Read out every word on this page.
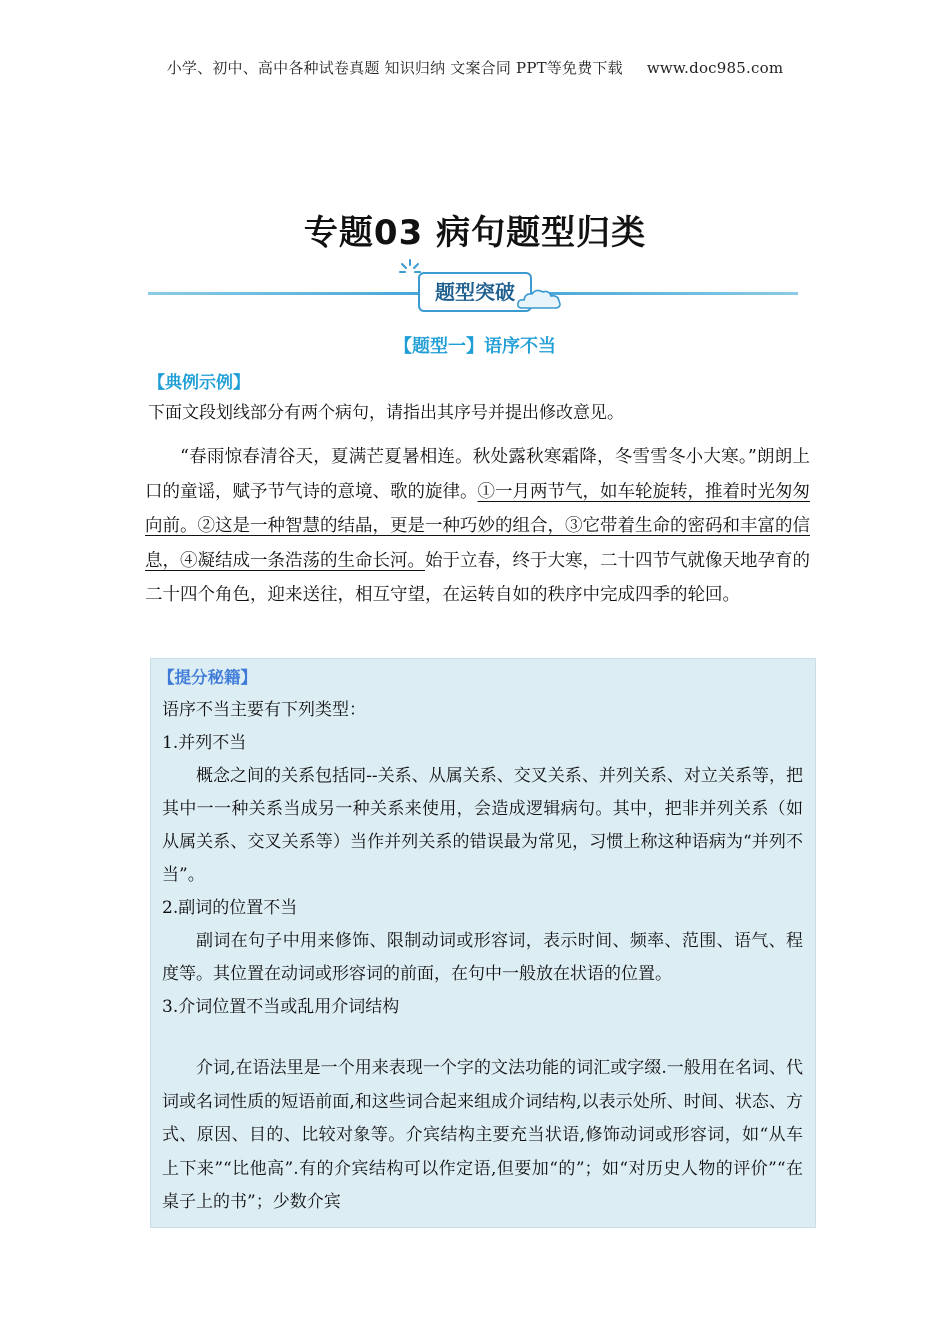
小学、初中、高中各种试卷真题 知识归纳 文案合同 PPT等免费下载 www.doc985.com
专题03 病句题型归类
题型突破
【题型一】语序不当
【典例示例】
下面文段划线部分有两个病句，请指出其序号并提出修改意见。
“春雨惊春清谷天，夏满芒夏暑相连。秋处露秋寒霜降，冬雪雪冬小大寒。”朗朗上口的童谣，赋予节气诗的意境、歌的旋律。①一月两节气，如车轮旋转，推着时光匆匆向前。②这是一种智慧的结晶，更是一种巧妙的组合，③它带着生命的密码和丰富的信息，④凝结成一条浩荡的生命长河。始于立春，终于大寒，二十四节气就像天地孕育的二十四个角色，迎来送往，相互守望，在运转自如的秩序中完成四季的轮回。
【提分秘籍】

语序不当主要有下列类型：

1.并列不当

概念之间的关系包括同--关系、从属关系、交叉关系、并列关系、对立关系等，把其中一一种关系当成另一种关系来使用，会造成逻辑病句。其中，把非并列关系（如从属关系、交叉关系等）当作并列关系的错误最为常见，习惯上称这种语病为“并列不当”。

2.副词的位置不当

副词在句子中用来修饰、限制动词或形容词，表示时间、频率、范围、语气、程度等。其位置在动词或形容词的前面，在句中一般放在状语的位置。

3.介词位置不当或乱用介词结构

介词,在语法里是一个用来表现一个字的文法功能的词汇或字缀.一般用在名词、代词或名词性质的短语前面,和这些词合起来组成介词结构,以表示处所、时间、状态、方式、原因、目的、比较对象等。介宾结构主要充当状语,修饰动词或形容词，如“从车上下来”“比他高”.有的介宾结构可以作定语,但要加“的”；如“对历史人物的评价”“在桌子上的书”；少数介宾
